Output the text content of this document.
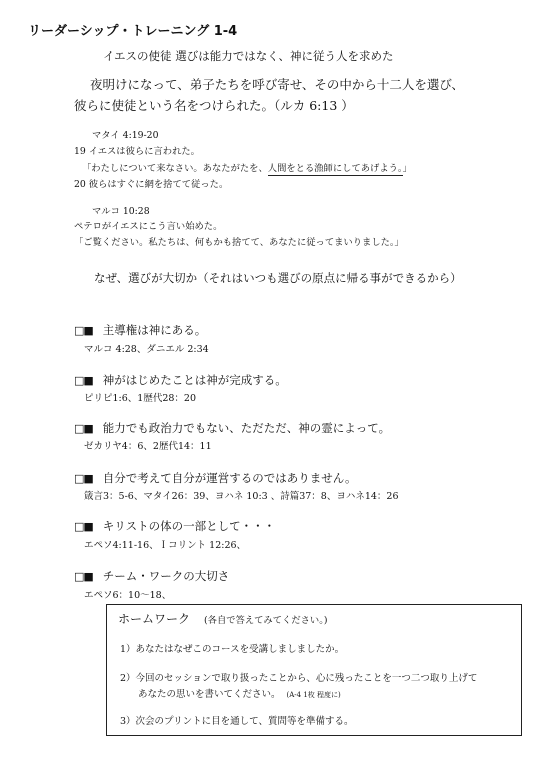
リーダーシップ・トレーニング 1-4
イエスの使徒 選びは能力ではなく、神に従う人を求めた
夜明けになって、弟子たちを呼び寄せ、その中から十二人を選び、
彼らに使徒という名をつけられた。（ルカ 6:13 ）
マタイ 4:19-20
19 イエスは彼らに言われた。
「わたしについて来なさい。あなたがたを、人間をとる漁師にしてあげよう。」
20 彼らはすぐに網を捨てて従った。
マルコ 10:28
ペテロがイエスにこう言い始めた。
「ご覧ください。私たちは、何もかも捨てて、あなたに従ってまいりました。」
なぜ、選びが大切か（それはいつも選びの原点に帰る事ができるから）
□■ 主導権は神にある。
マルコ 4:28、ダニエル 2:34
□■ 神がはじめたことは神が完成する。
ピリピ1:6、1歴代28：20
□■ 能力でも政治力でもない、ただただ、神の霊によって。
ゼカリヤ4：6、2歴代14：11
□■ 自分で考えて自分が運営するのではありません。
箴言3：5-6、マタイ26：39、ヨハネ 10:3 、詩篇37：8、ヨハネ14：26
□■ キリストの体の一部として・・・
エペソ4:11-16、Ｉコリント 12:26、
□■ チーム・ワークの大切さ
エペソ6：10〜18、
ホームワーク (各自で答えてみてください。)
1）あなたはなぜこのコースを受講しましましたか。
2）今回のセッションで取り扱ったことから、心に残ったことを一つ二つ取り上げて
あなたの思いを書いてください。 (A-4 1枚 程度に)
3）次会のプリントに目を通して、質問等を準備する。
